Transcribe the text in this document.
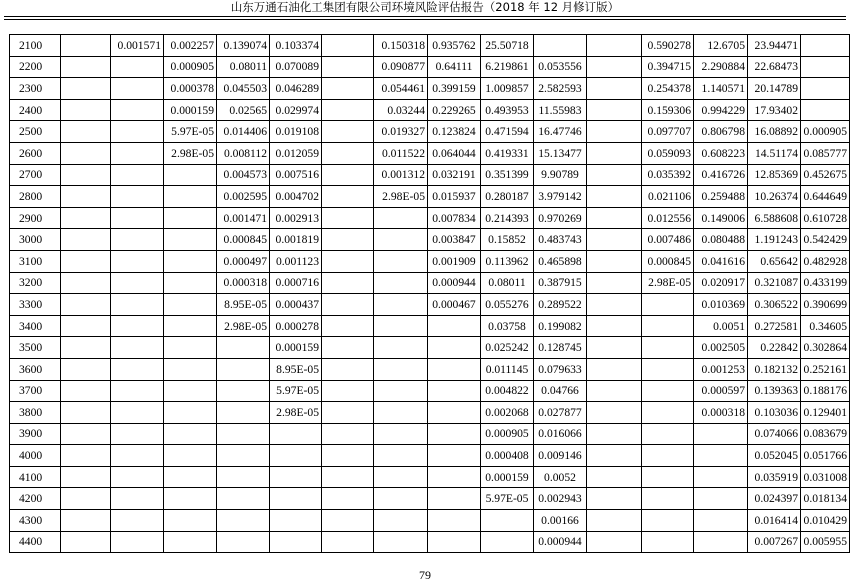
山东万通石油化工集团有限公司环境风险评估报告（2018 年 12 月修订版）
2100		0.001571	0.002257	0.139074	0.103374		0.150318	0.935762	25.50718			0.590278	12.6705	23.94471	
2200			0.000905	0.08011	0.070089		0.090877	0.64111	6.219861	0.053556		0.394715	2.290884	22.68473	
2300			0.000378	0.045503	0.046289		0.054461	0.399159	1.009857	2.582593		0.254378	1.140571	20.14789	
2400			0.000159	0.02565	0.029974		0.03244	0.229265	0.493953	11.55983		0.159306	0.994229	17.93402	
2500			5.97E-05	0.014406	0.019108		0.019327	0.123824	0.471594	16.47746		0.097707	0.806798	16.08892	0.000905
2600			2.98E-05	0.008112	0.012059		0.011522	0.064044	0.419331	15.13477		0.059093	0.608223	14.51174	0.085777
2700				0.004573	0.007516		0.001312	0.032191	0.351399	9.90789		0.035392	0.416726	12.85369	0.452675
2800				0.002595	0.004702		2.98E-05	0.015937	0.280187	3.979142		0.021106	0.259488	10.26374	0.644649
2900				0.001471	0.002913			0.007834	0.214393	0.970269		0.012556	0.149006	6.588608	0.610728
3000				0.000845	0.001819			0.003847	0.15852	0.483743		0.007486	0.080488	1.191243	0.542429
3100				0.000497	0.001123			0.001909	0.113962	0.465898		0.000845	0.041616	0.65642	0.482928
3200				0.000318	0.000716			0.000944	0.08011	0.387915		2.98E-05	0.020917	0.321087	0.433199
3300				8.95E-05	0.000437			0.000467	0.055276	0.289522			0.010369	0.306522	0.390699
3400				2.98E-05	0.000278				0.03758	0.199082			0.0051	0.272581	0.34605
3500					0.000159				0.025242	0.128745			0.002505	0.22842	0.302864
3600					8.95E-05				0.011145	0.079633			0.001253	0.182132	0.252161
3700					5.97E-05				0.004822	0.04766			0.000597	0.139363	0.188176
3800					2.98E-05				0.002068	0.027877			0.000318	0.103036	0.129401
3900									0.000905	0.016066				0.074066	0.083679
4000									0.000408	0.009146				0.052045	0.051766
4100									0.000159	0.0052				0.035919	0.031008
4200									5.97E-05	0.002943				0.024397	0.018134
4300										0.00166				0.016414	0.010429
4400										0.000944				0.007267	0.005955
79
